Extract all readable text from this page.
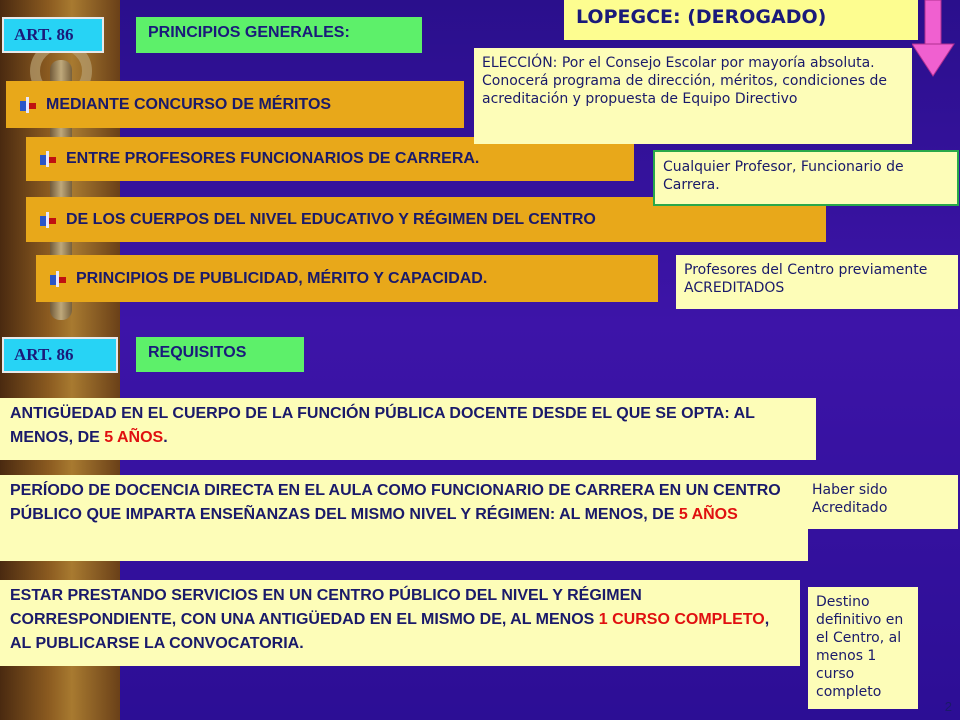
ART. 86	PRINCIPIOS GENERALES:
LOPEGCE: (DEROGADO)
MEDIANTE CONCURSO DE MÉRITOS
ENTRE PROFESORES FUNCIONARIOS DE CARRERA.
DE LOS CUERPOS DEL NIVEL EDUCATIVO Y RÉGIMEN DEL CENTRO
PRINCIPIOS DE PUBLICIDAD, MÉRITO Y CAPACIDAD.
ELECCIÓN: Por el Consejo Escolar por mayoría absoluta. Conocerá programa de dirección, méritos, condiciones de acreditación y propuesta de Equipo Directivo
Cualquier Profesor, Funcionario de Carrera.
Profesores del Centro previamente ACREDITADOS
ART. 86	REQUISITOS
ANTIGÜEDAD EN EL CUERPO DE LA FUNCIÓN PÚBLICA DOCENTE DESDE EL QUE SE OPTA: AL MENOS, DE 5 AÑOS.
PERÍODO DE DOCENCIA DIRECTA EN EL AULA COMO FUNCIONARIO DE CARRERA EN UN CENTRO PÚBLICO QUE IMPARTA ENSEÑANZAS DEL MISMO NIVEL Y RÉGIMEN: AL MENOS, DE 5 AÑOS
ESTAR PRESTANDO SERVICIOS EN UN CENTRO PÚBLICO DEL NIVEL Y RÉGIMEN CORRESPONDIENTE, CON UNA ANTIGÜEDAD EN EL MISMO DE, AL MENOS 1 CURSO COMPLETO, AL PUBLICARSE LA CONVOCATORIA.
Haber sido Acreditado
Destino definitivo en el Centro, al menos 1 curso completo
2
